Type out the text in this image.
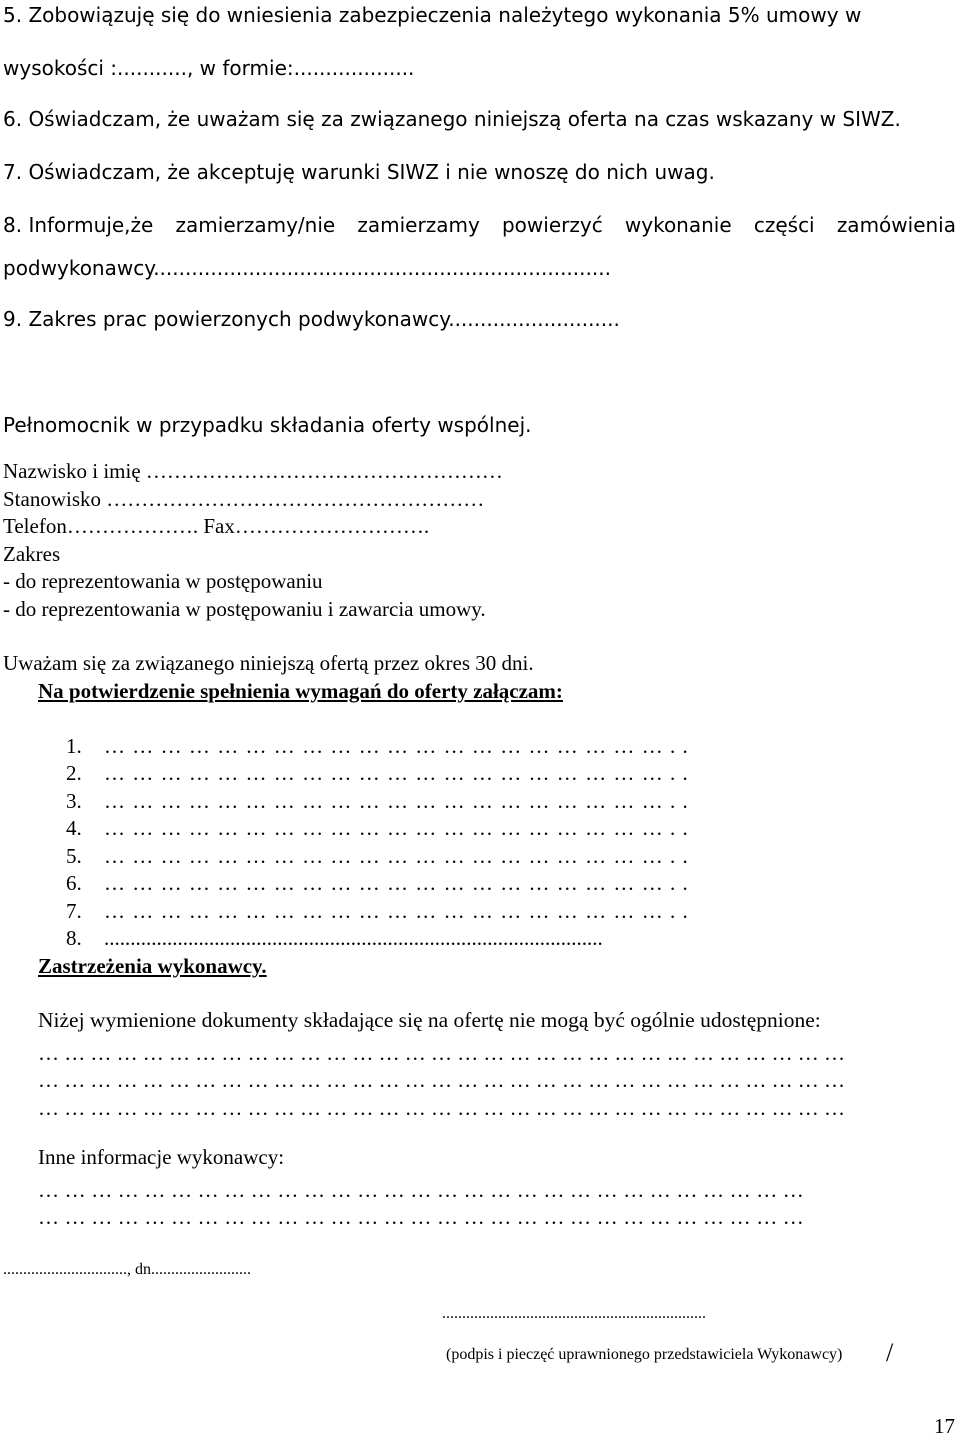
5. Zobowiązuję się do wniesienia zabezpieczenia należytego wykonania 5% umowy w
wysokości :..........., w formie:...................
6. Oświadczam, że uważam się za związanego niniejszą oferta na czas wskazany w SIWZ.
7. Oświadczam, że akceptuję warunki SIWZ i nie wnoszę do nich uwag.
8. Informuje,że zamierzamy/nie zamierzamy powierzyć wykonanie części zamówienia
podwykonawcy........................................................................
9. Zakres prac powierzonych podwykonawcy...........................
Pełnomocnik w przypadku składania oferty wspólnej.
Nazwisko i imię ……………………………………………
Stanowisko ………………………………………………
Telefon………………. Fax……………………….
Zakres
- do reprezentowania w postępowaniu
- do reprezentowania w postępowaniu i zawarcia umowy.
Uważam się za związanego niniejszą ofertą przez okres 30 dni.
Na potwierdzenie spełnienia wymagań do oferty załączam:
1. ……………………………………………………..
2. ……………………………………………………..
3. ……………………………………………………..
4. ……………………………………………………..
5. ……………………………………………………..
6. ……………………………………………………..
7. ……………………………………………………..
8. ...............................................................................................
Zastrzeżenia wykonawcy.
Niżej wymienione dokumenty składające się na ofertę nie mogą być ogólnie udostępnione:
…………………………………………………………………………………
…………………………………………………………………………………
…………………………………………………………………………………
Inne informacje wykonawcy:
……………………………………………………………………………
……………………………………………………………………………
..............................., dn.........................
..................................................................
(podpis i pieczęć uprawnionego przedstawiciela Wykonawcy) /
17
